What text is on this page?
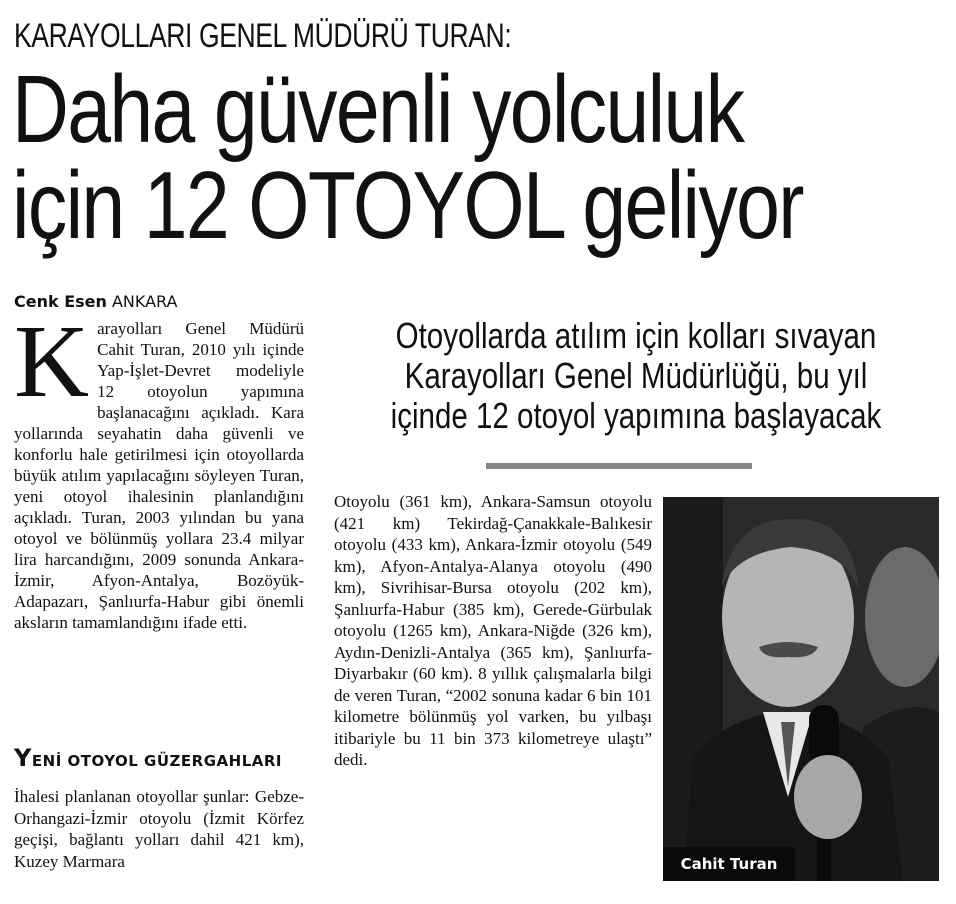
KARAYOLLARI GENEL MÜDÜRÜ TURAN:
Daha güvenli yolculuk
için 12 OTOYOL geliyor
Cenk Esen ANKARA
K arayolları Genel Müdürü Cahit Turan, 2010 yılı içinde Yap-İşlet-Devret modeliyle 12 otoyolun yapımına başlanacağını açıkladı. Kara yollarında seyahatin daha güvenli ve konforlu hale getirilmesi için otoyollarda büyük atılım yapılacağını söyleyen Turan, yeni otoyol ihalesinin planlandığını açıkladı. Turan, 2003 yılından bu yana otoyol ve bölünmüş yollara 23.4 milyar lira harcandığını, 2009 sonunda Ankara-İzmir, Afyon-Antalya, Bozöyük-Adapazarı, Şanlıurfa-Habur gibi önemli aksların tamamlandığını ifade etti.
YENİ OTOYOL GÜZERGAHLARI
İhalesi planlanan otoyollar şunlar: Gebze-Orhangazi-İzmir otoyolu (İzmit Körfez geçişi, bağlantı yolları dahil 421 km), Kuzey Marmara
Otoyollarda atılım için kolları sıvayan
Karayolları Genel Müdürlüğü, bu yıl
içinde 12 otoyol yapımına başlayacak
Otoyolu (361 km), Ankara-Samsun otoyolu (421 km) Tekirdağ-Çanakkale-Balıkesir otoyolu (433 km), Ankara-İzmir otoyolu (549 km), Afyon-Antalya-Alanya otoyolu (490 km), Sivrihisar-Bursa otoyolu (202 km), Şanlıurfa-Habur (385 km), Gerede-Gürbulak otoyolu (1265 km), Ankara-Niğde (326 km), Aydın-Denizli-Antalya (365 km), Şanlıurfa-Diyarbakır (60 km). 8 yıllık çalışmalarla bilgi de veren Turan, “2002 sonuna kadar 6 bin 101 kilometre bölünmüş yol varken, bu yılbaşı itibariyle bu 11 bin 373 kilometreye ulaştı” dedi.
Cahit Turan
